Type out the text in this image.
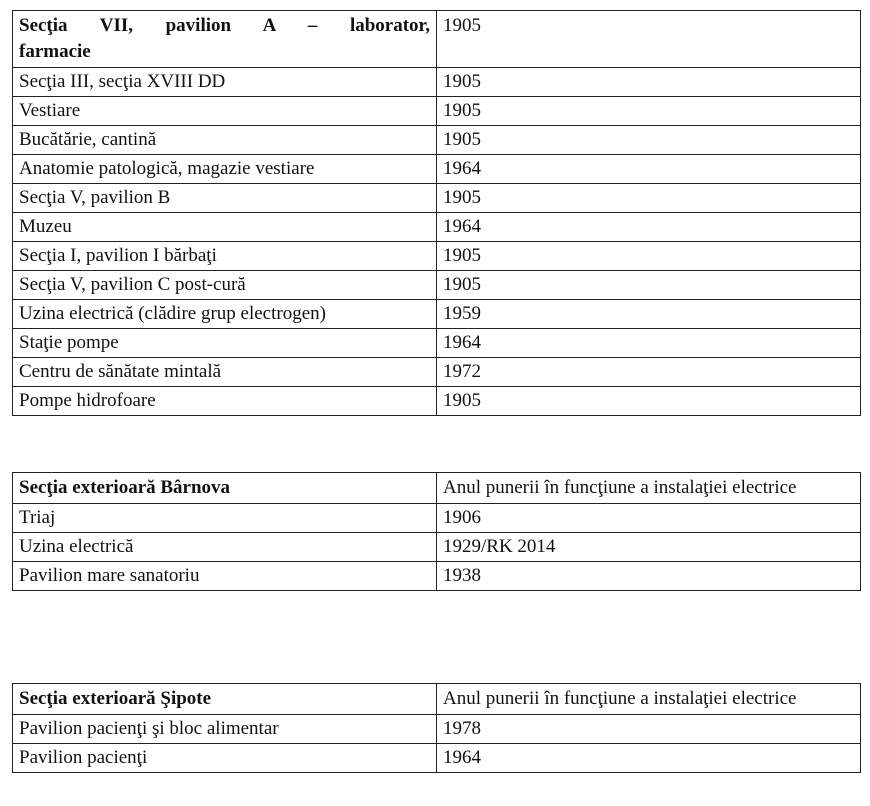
Secţia VII, pavilion A – laborator,
farmacie	1905
Secţia III, secţia XVIII DD	1905
Vestiare	1905
Bucătărie, cantină	1905
Anatomie patologică, magazie vestiare	1964
Secţia V, pavilion B	1905
Muzeu	1964
Secţia I, pavilion I bărbaţi	1905
Secţia V, pavilion C post-cură	1905
Uzina electrică (clădire grup electrogen)	1959
Staţie pompe	1964
Centru de sănătate mintală	1972
Pompe hidrofoare	1905
Secţia exterioară Bârnova	Anul punerii în funcţiune a instalaţiei electrice
Triaj	1906
Uzina electrică	1929/RK 2014
Pavilion mare sanatoriu	1938
Secţia exterioară Şipote	Anul punerii în funcţiune a instalaţiei electrice
Pavilion pacienţi şi bloc alimentar	1978
Pavilion pacienţi	1964
